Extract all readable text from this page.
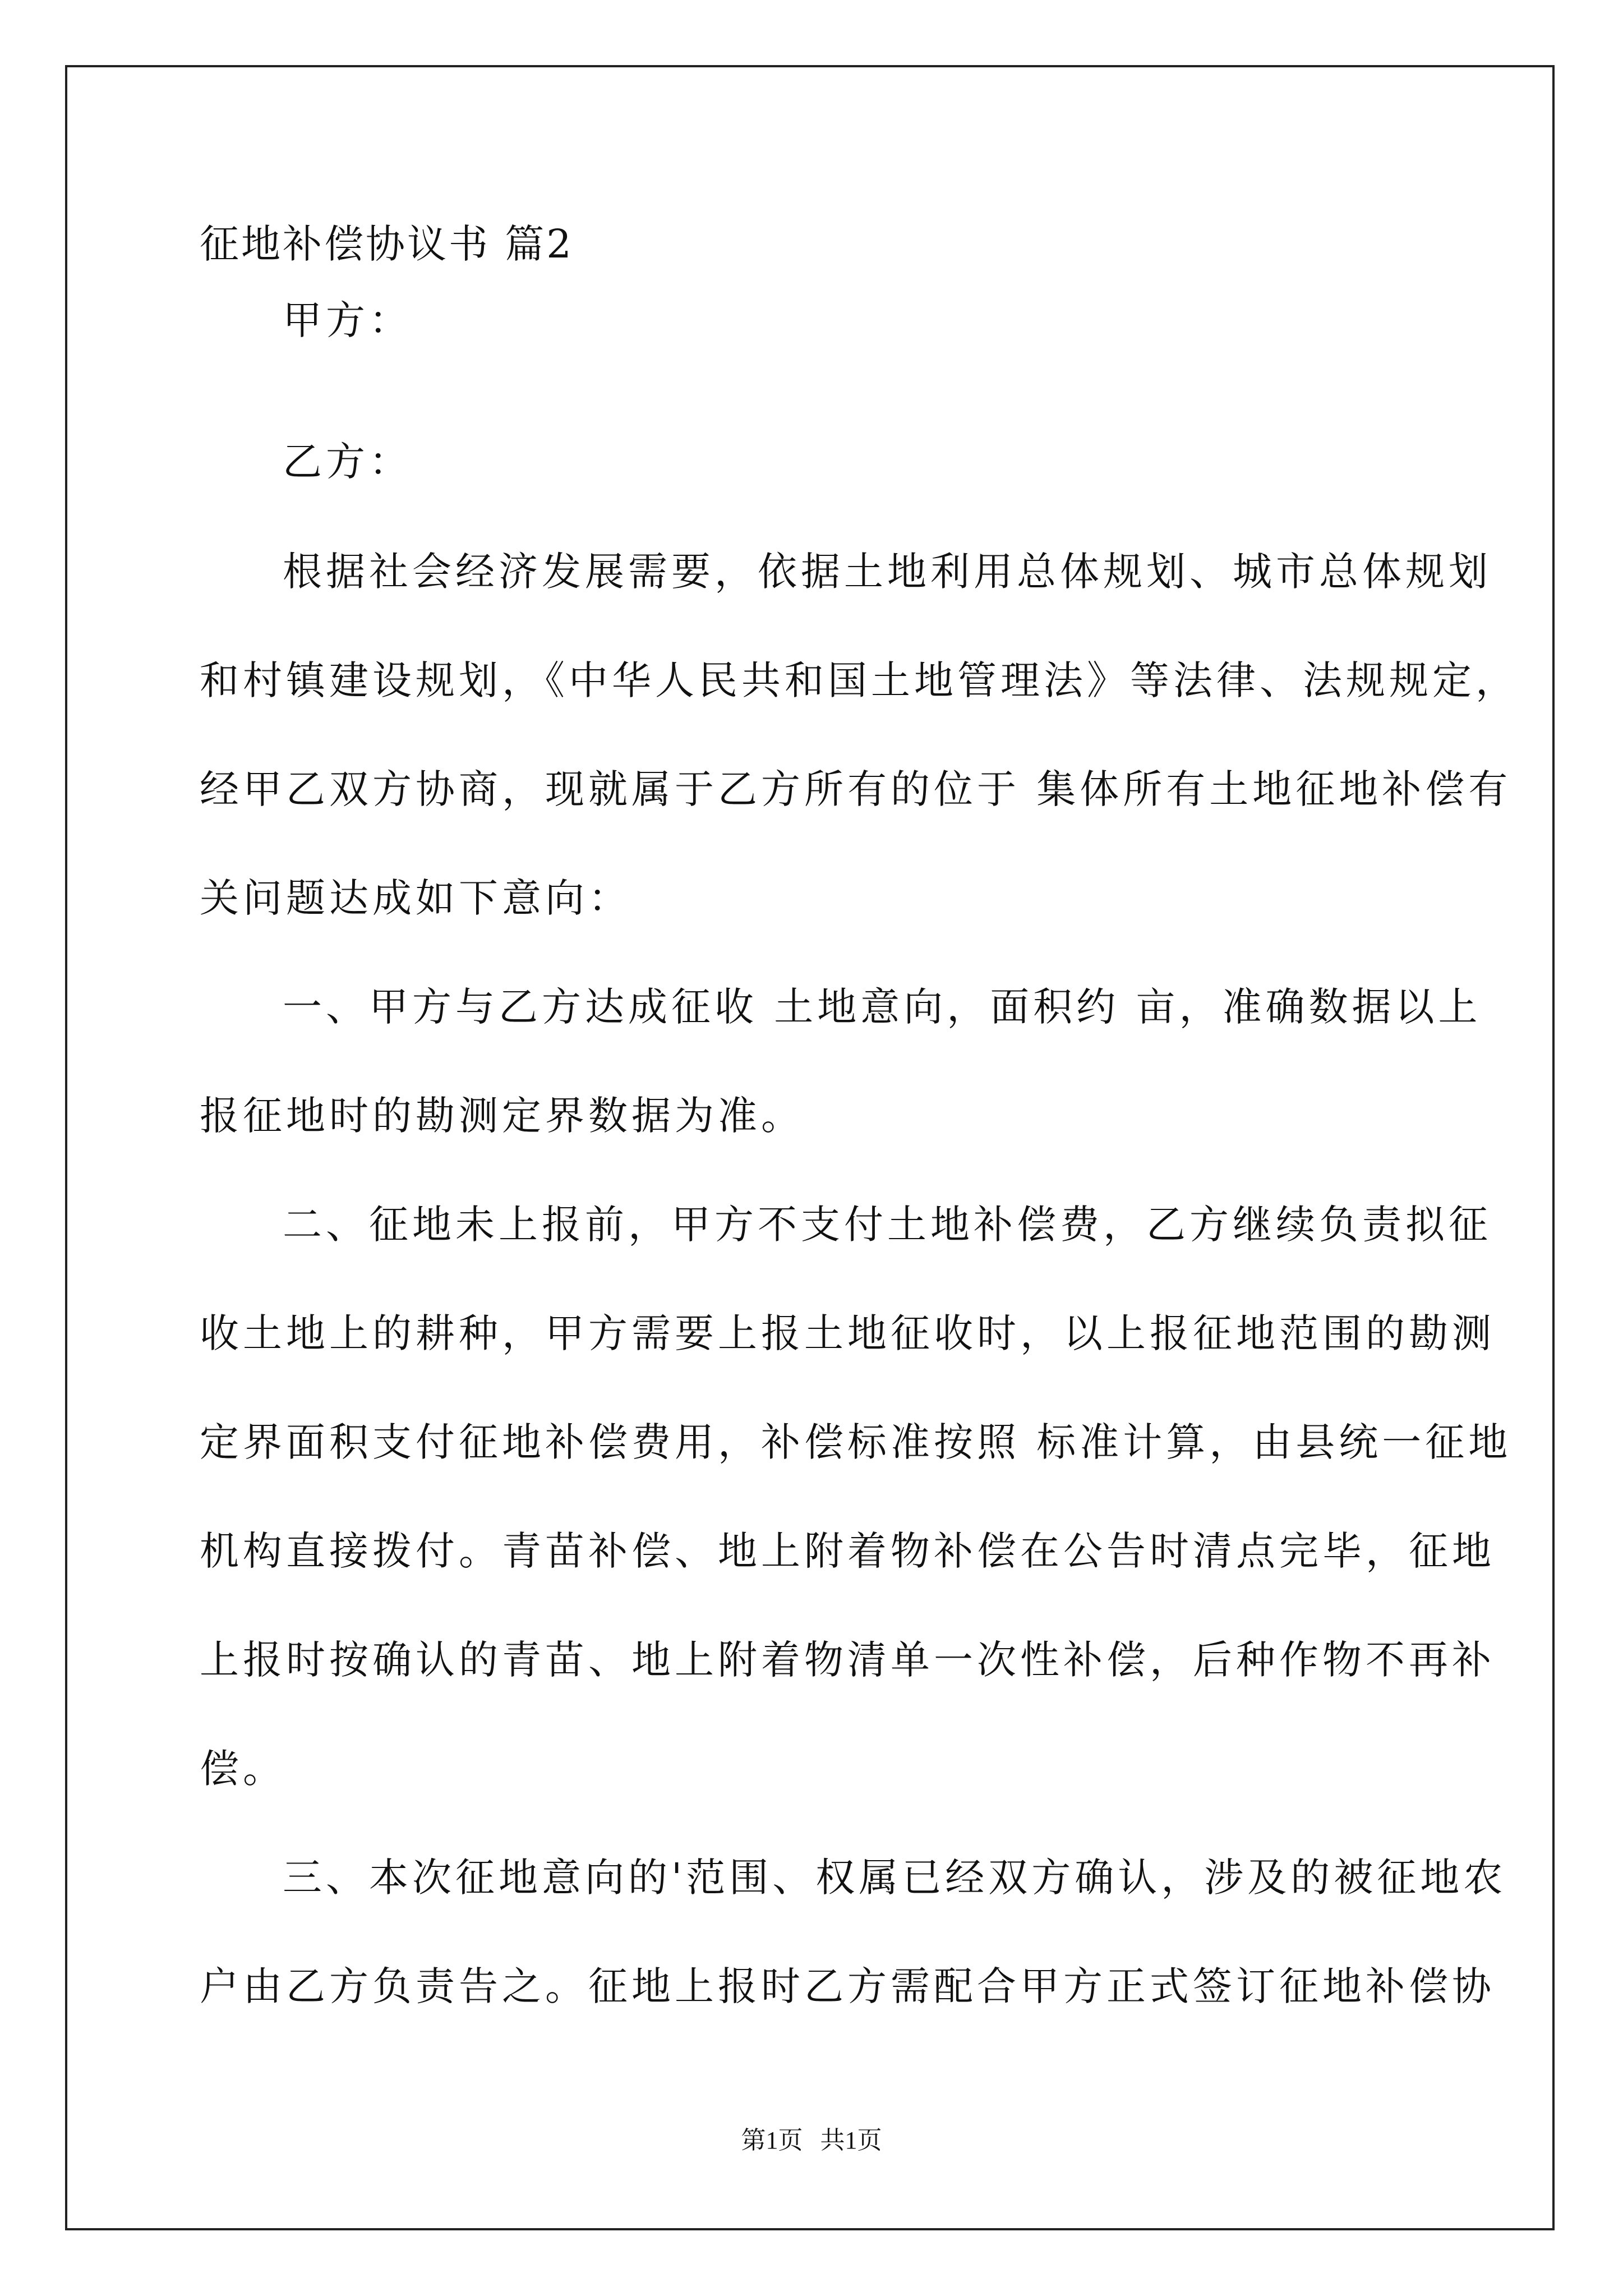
征地补偿协议书 篇2

甲方：

乙方：

根据社会经济发展需要，依据土地利用总体规划、城市总体规划

和村镇建设规划，《中华人民共和国土地管理法》等法律、法规规定，

经甲乙双方协商，现就属于乙方所有的位于 集体所有土地征地补偿有

关问题达成如下意向：

一、甲方与乙方达成征收 土地意向，面积约 亩，准确数据以上

报征地时的勘测定界数据为准。

二、征地未上报前，甲方不支付土地补偿费，乙方继续负责拟征

收土地上的耕种，甲方需要上报土地征收时，以上报征地范围的勘测

定界面积支付征地补偿费用，补偿标准按照 标准计算，由县统一征地

机构直接拨付。青苗补偿、地上附着物补偿在公告时清点完毕，征地

上报时按确认的青苗、地上附着物清单一次性补偿，后种作物不再补

偿。

三、本次征地意向的'范围、权属已经双方确认，涉及的被征地农

户由乙方负责告之。征地上报时乙方需配合甲方正式签订征地补偿协

第1页 共1页
